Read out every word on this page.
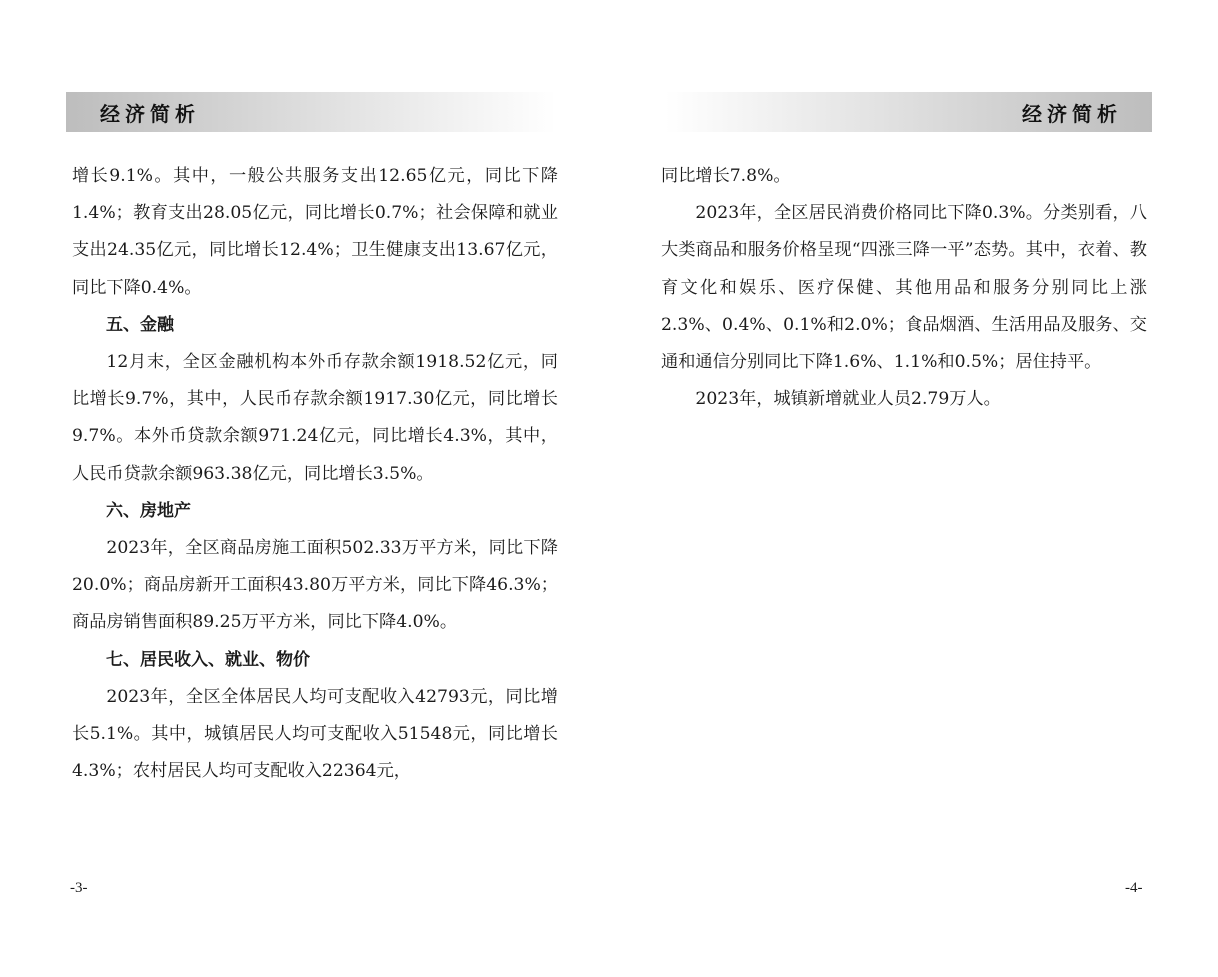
经济简析

增长9.1%。其中，一般公共服务支出12.65亿元，同比下降1.4%；教育支出28.05亿元，同比增长0.7%；社会保障和就业支出24.35亿元，同比增长12.4%；卫生健康支出13.67亿元，同比下降0.4%。

五、金融

12月末，全区金融机构本外币存款余额1918.52亿元，同比增长9.7%，其中，人民币存款余额1917.30亿元，同比增长9.7%。本外币贷款余额971.24亿元，同比增长4.3%，其中，人民币贷款余额963.38亿元，同比增长3.5%。

六、房地产

2023年，全区商品房施工面积502.33万平方米，同比下降20.0%；商品房新开工面积43.80万平方米，同比下降46.3%；商品房销售面积89.25万平方米，同比下降4.0%。

七、居民收入、就业、物价

2023年，全区全体居民人均可支配收入42793元，同比增长5.1%。其中，城镇居民人均可支配收入51548元，同比增长4.3%；农村居民人均可支配收入22364元，

-3-
经济简析

同比增长7.8%。

2023年，全区居民消费价格同比下降0.3%。分类别看，八大类商品和服务价格呈现“四涨三降一平”态势。其中，衣着、教育文化和娱乐、医疗保健、其他用品和服务分别同比上涨2.3%、0.4%、0.1%和2.0%；食品烟酒、生活用品及服务、交通和通信分别同比下降1.6%、1.1%和0.5%；居住持平。

2023年，城镇新增就业人员2.79万人。

-4-
